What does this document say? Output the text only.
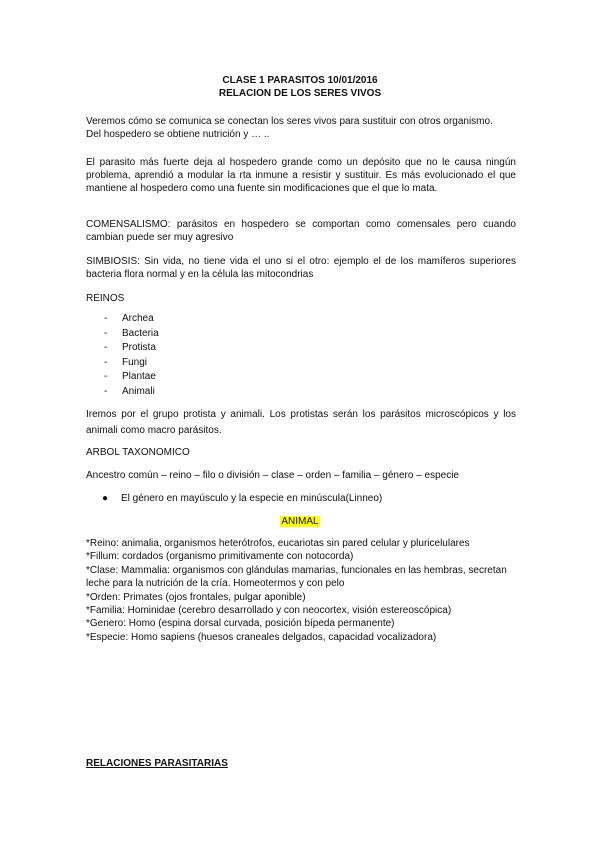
CLASE 1 PARASITOS 10/01/2016

RELACION DE LOS SERES VIVOS

Veremos cómo se comunica se conectan los seres vivos para sustituir con otros organismo.

Del hospedero se obtiene nutrición y … ..

El parasito más fuerte deja al hospedero grande como un depósito que no le causa ningún problema, aprendió a modular la rta inmune a resistir y sustituir. Es más evolucionado el que

mantiene al hospedero como una fuente sin modificaciones que el que lo mata.

COMENSALISMO: parásitos en hospedero se comportan como comensales pero cuando

cambian puede ser muy agresivo

SIMBIOSIS: Sin vida, no tiene vida el uno si el otro: ejemplo el de los mamíferos superiores

bacteria flora normal y en la célula las mitocondrias

REINOS

- Archea
- Bacteria
- Protista
- Fungi
- Plantae
- Animali

Iremos por el grupo protista y animali. Los protistas serán los parásitos microscópicos y los

animali como macro parásitos.

ARBOL TAXONOMICO

Ancestro común – reino – filo o división – clase – orden – familia – género – especie

● El género en mayúsculo y la especie en minúscula(Linneo)

ANIMAL

*Reino: animalia, organismos heterótrofos, eucariotas sin pared celular y pluricelulares
*Fillum: cordados (organismo primitivamente con notocorda)
*Clase: Mammalia: organismos con glándulas mamarias, funcionales en las hembras, secretan
leche para la nutrición de la cría. Homeotermos y con pelo
*Orden: Primates (ojos frontales, pulgar aponible)
*Familia: Hominidae (cerebro desarrollado y con neocortex, visión estereoscópica)
*Genero: Homo (espina dorsal curvada, posición bípeda permanente)
*Especie: Homo sapiens (huesos craneales delgados, capacidad vocalizadora)

RELACIONES PARASITARIAS
